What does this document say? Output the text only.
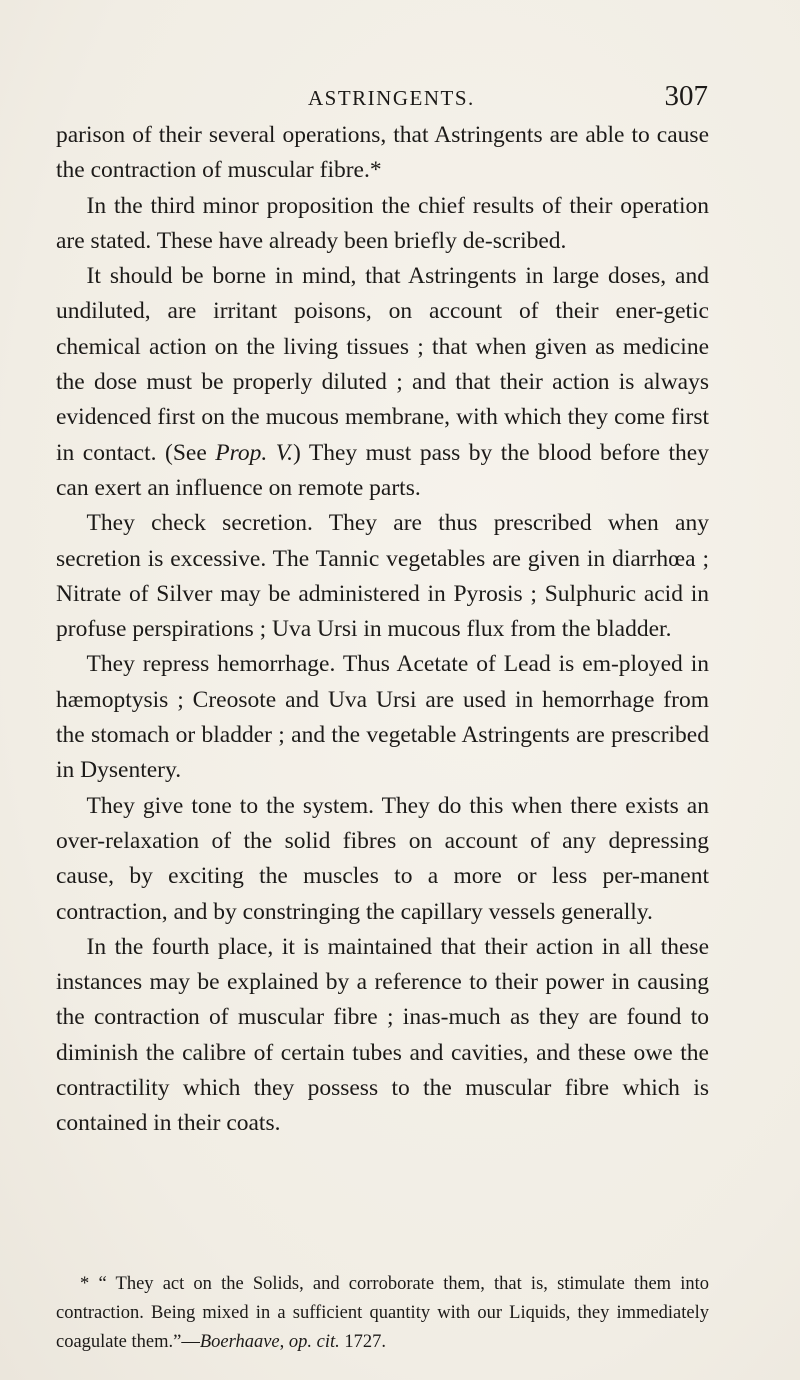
ASTRINGENTS.	307

parison of their several operations, that Astringents are able to cause the contraction of muscular fibre.*

In the third minor proposition the chief results of their operation are stated. These have already been briefly de-scribed.

It should be borne in mind, that Astringents in large doses, and undiluted, are irritant poisons, on account of their ener-getic chemical action on the living tissues ; that when given as medicine the dose must be properly diluted ; and that their action is always evidenced first on the mucous membrane, with which they come first in contact. (See Prop. V.) They must pass by the blood before they can exert an influence on remote parts.

They check secretion. They are thus prescribed when any secretion is excessive. The Tannic vegetables are given in diarrhœa ; Nitrate of Silver may be administered in Pyrosis ; Sulphuric acid in profuse perspirations ; Uva Ursi in mucous flux from the bladder.

They repress hemorrhage. Thus Acetate of Lead is em-ployed in hæmoptysis ; Creosote and Uva Ursi are used in hemorrhage from the stomach or bladder ; and the vegetable Astringents are prescribed in Dysentery.

They give tone to the system. They do this when there exists an over-relaxation of the solid fibres on account of any depressing cause, by exciting the muscles to a more or less per-manent contraction, and by constringing the capillary vessels generally.

In the fourth place, it is maintained that their action in all these instances may be explained by a reference to their power in causing the contraction of muscular fibre ; inas-much as they are found to diminish the calibre of certain tubes and cavities, and these owe the contractility which they possess to the muscular fibre which is contained in their coats.

* “ They act on the Solids, and corroborate them, that is, stimulate them into contraction. Being mixed in a sufficient quantity with our Liquids, they immediately coagulate them.”—Boerhaave, op. cit. 1727.
